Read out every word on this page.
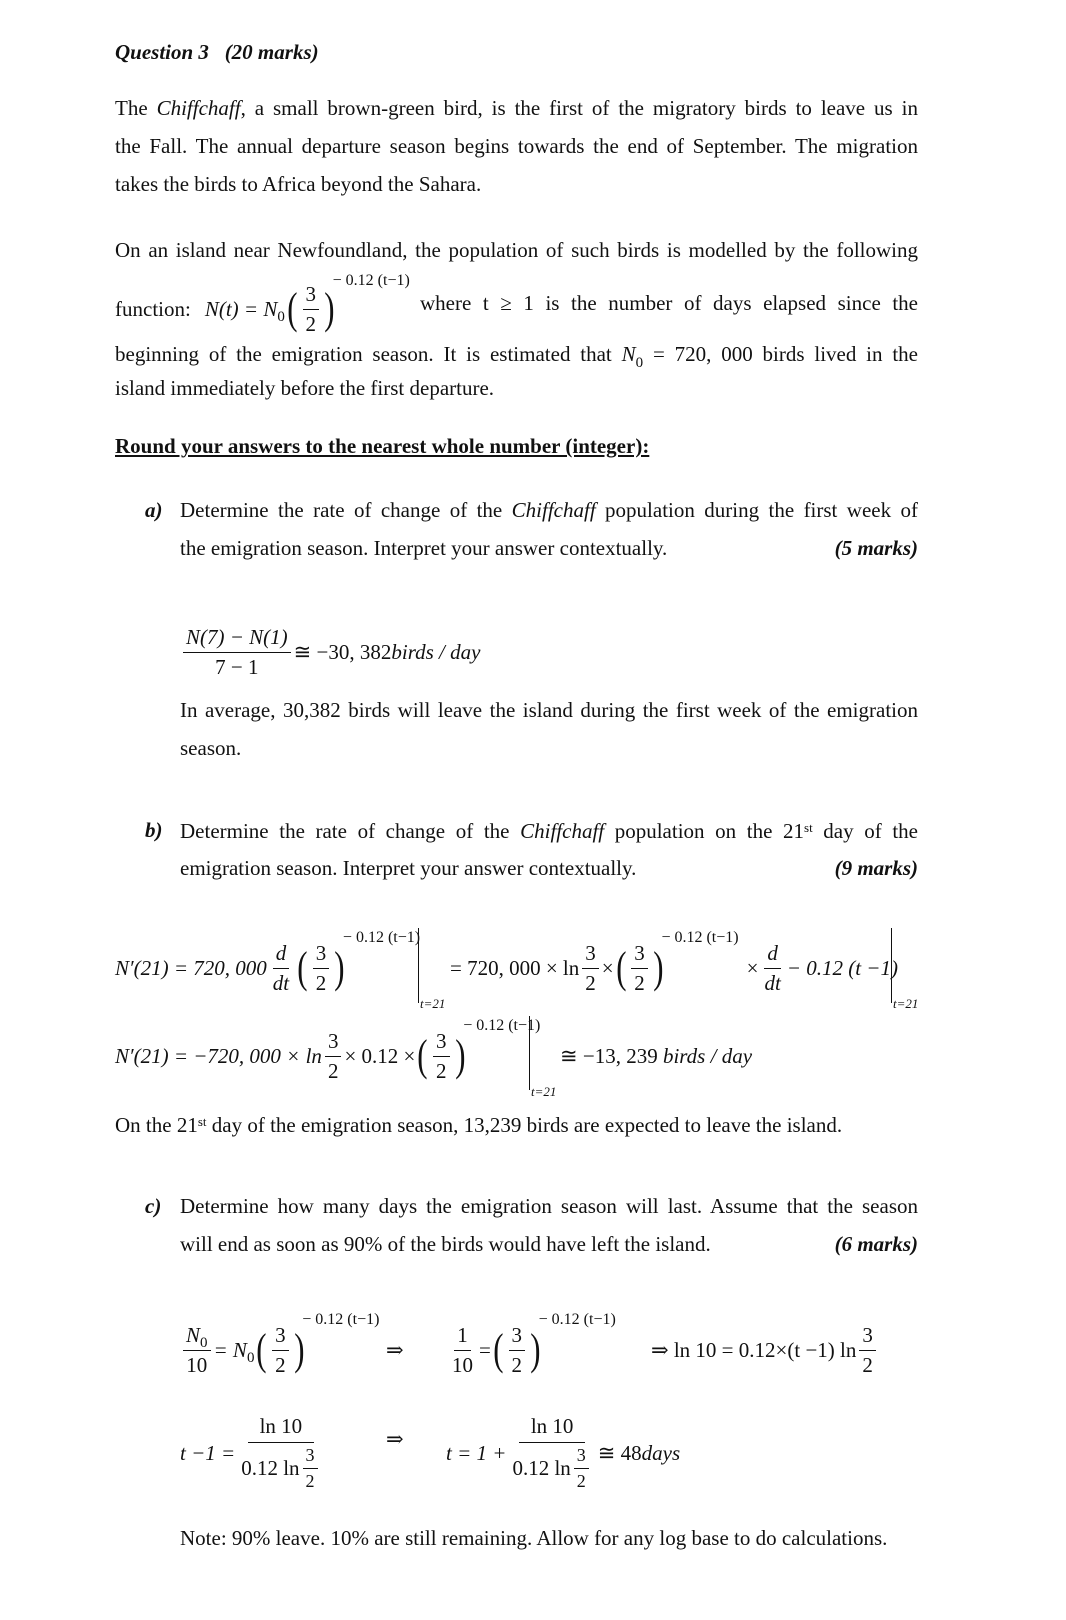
Question 3 (20 marks)
The Chiffchaff, a small brown-green bird, is the first of the migratory birds to leave us in
the Fall. The annual departure season begins towards the end of September. The migration
takes the birds to Africa beyond the Sahara.
On an island near Newfoundland, the population of such birds is modelled by the following
function: N(t) = N 0 ( $\frac{3}{2}$ )
− 0.12 (t−1)
where t ≥ 1 is the number of days elapsed since the
beginning of the emigration season. It is estimated that $N_0 = 720$, 000 birds lived in the
island immediately before the first departure.
Round your answers to the nearest whole number (integer):
a) Determine the rate of change of the Chiffchaff population during the first week of
the emigration season. Interpret your answer contextually.	(5 marks)
$\frac{N(7) - N(1)}{7 - 1}$ ≅ −30, 382 birds / day
In average, 30,382 birds will leave the island during the first week of the emigration
season.
b) Determine the rate of change of the Chiffchaff population on the 21st day of the
emigration season. Interpret your answer contextually.	(9 marks)
N′(21) = 720, $000 \frac{d}{dt}$ ( $\frac{3}{2}$ )
− 0.12 (t−1)
t=21
= 720, $000 \times \ln \frac{3}{2}$ × ( $\frac{3}{2}$ )
− 0.12 (t−1)
× $\frac{d}{dt} - 0.12$ (t −1)
t=21
N′(21) = −720, $000 \times \ln \frac{3}{2} \times 0.12$ × ( $\frac{3}{2}$ )
− 0.12 (t−1)
t=21
≅ −13, 239 birds / day
On the 21st day of the emigration season, 13,239 birds are expected to leave the island.
c) Determine how many days the emigration season will last. Assume that the season
will end as soon as 90% of the birds would have left the island.	(6 marks)
$\frac{N_0}{10} = N$ 0 ( $\frac{3}{2}$ )
− 0.12 (t−1)
⇒ $\frac{1}{10}$ = ( $\frac{3}{2}$ )
− 0.12 (t−1)
⇒ ln 10 = 0.12×(t −1) $\ln \frac{3}{2}$
$t -1 = \frac{\ln 10}{0.12 \ln \frac{3}{2}}$	⇒
$t = 1 + \frac{\ln 10}{0.12 \ln \frac{3}{2}}$ ≅ 48 days
Note: 90% leave. 10% are still remaining. Allow for any log base to do calculations.
